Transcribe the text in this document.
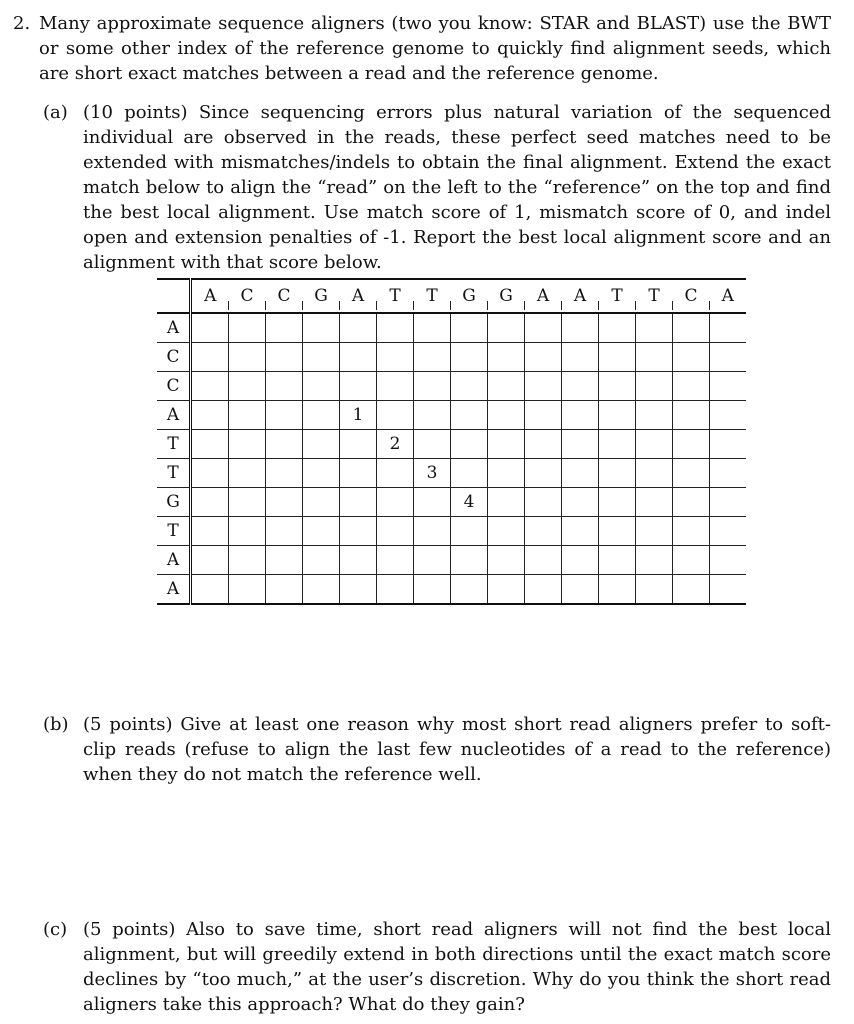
2. Many approximate sequence aligners (two you know: STAR and BLAST) use the BWT or some other index of the reference genome to quickly find alignment seeds, which are short exact matches between a read and the reference genome.
(a) (10 points) Since sequencing errors plus natural variation of the sequenced individual are observed in the reads, these perfect seed matches need to be extended with mismatches/indels to obtain the final alignment. Extend the exact match below to align the “read” on the left to the “reference” on the top and find the best local alignment. Use match score of 1, mismatch score of 0, and indel open and extension penalties of -1. Report the best local alignment score and an alignment with that score below.
	A	C	C	G	A	T	T	G	G	A	A	T	T	C	A
A															
C															
C															
A					1										
T						2									
T							3								
G								4							
T															
A															
A															
(b) (5 points) Give at least one reason why most short read aligners prefer to soft-clip reads (refuse to align the last few nucleotides of a read to the reference) when they do not match the reference well.
(c) (5 points) Also to save time, short read aligners will not find the best local alignment, but will greedily extend in both directions until the exact match score declines by “too much,” at the user’s discretion. Why do you think the short read aligners take this approach? What do they gain?
